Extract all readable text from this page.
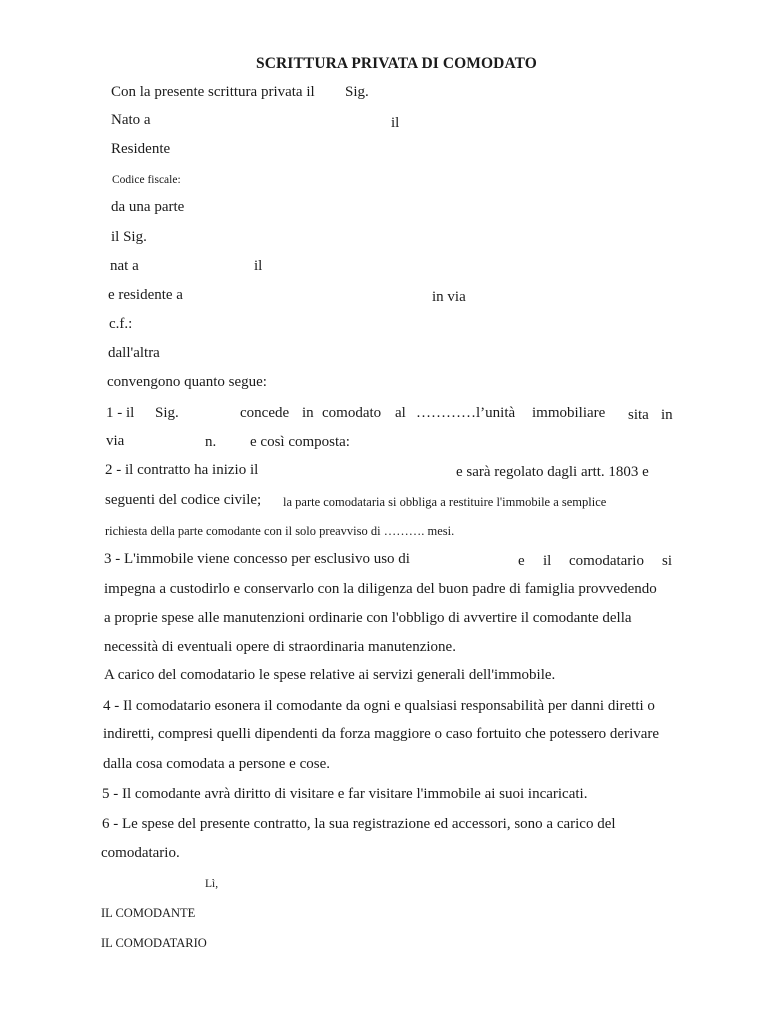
SCRITTURA PRIVATA DI COMODATO
Con la presente scrittura privata il Sig.
Nato a	il
Residente
Codice fiscale:
da una parte
il Sig.
nat a	il
e residente a	in via
c.f.:
dall'altra
convengono quanto segue:
1 - il Sig.	concede in comodato al …………l’unità immobiliare sita in
via	n. e così composta:
2 - il contratto ha inizio il	e sarà regolato dagli artt. 1803 e
seguenti del codice civile; la parte comodataria si obbliga a restituire l'immobile a semplice
richiesta della parte comodante con il solo preavviso di ………. mesi.
3 - L'immobile viene concesso per esclusivo uso di	e il comodatario si
impegna a custodirlo e conservarlo con la diligenza del buon padre di famiglia provvedendo
a proprie spese alle manutenzioni ordinarie con l'obbligo di avvertire il comodante della
necessità di eventuali opere di straordinaria manutenzione.
A carico del comodatario le spese relative ai servizi generali dell'immobile.
4 - Il comodatario esonera il comodante da ogni e qualsiasi responsabilità per danni diretti o
indiretti, compresi quelli dipendenti da forza maggiore o caso fortuito che potessero derivare
dalla cosa comodata a persone e cose.
5 - Il comodante avrà diritto di visitare e far visitare l'immobile ai suoi incaricati.
6 - Le spese del presente contratto, la sua registrazione ed accessori, sono a carico del
comodatario.
Lì,
IL COMODANTE
IL COMODATARIO
